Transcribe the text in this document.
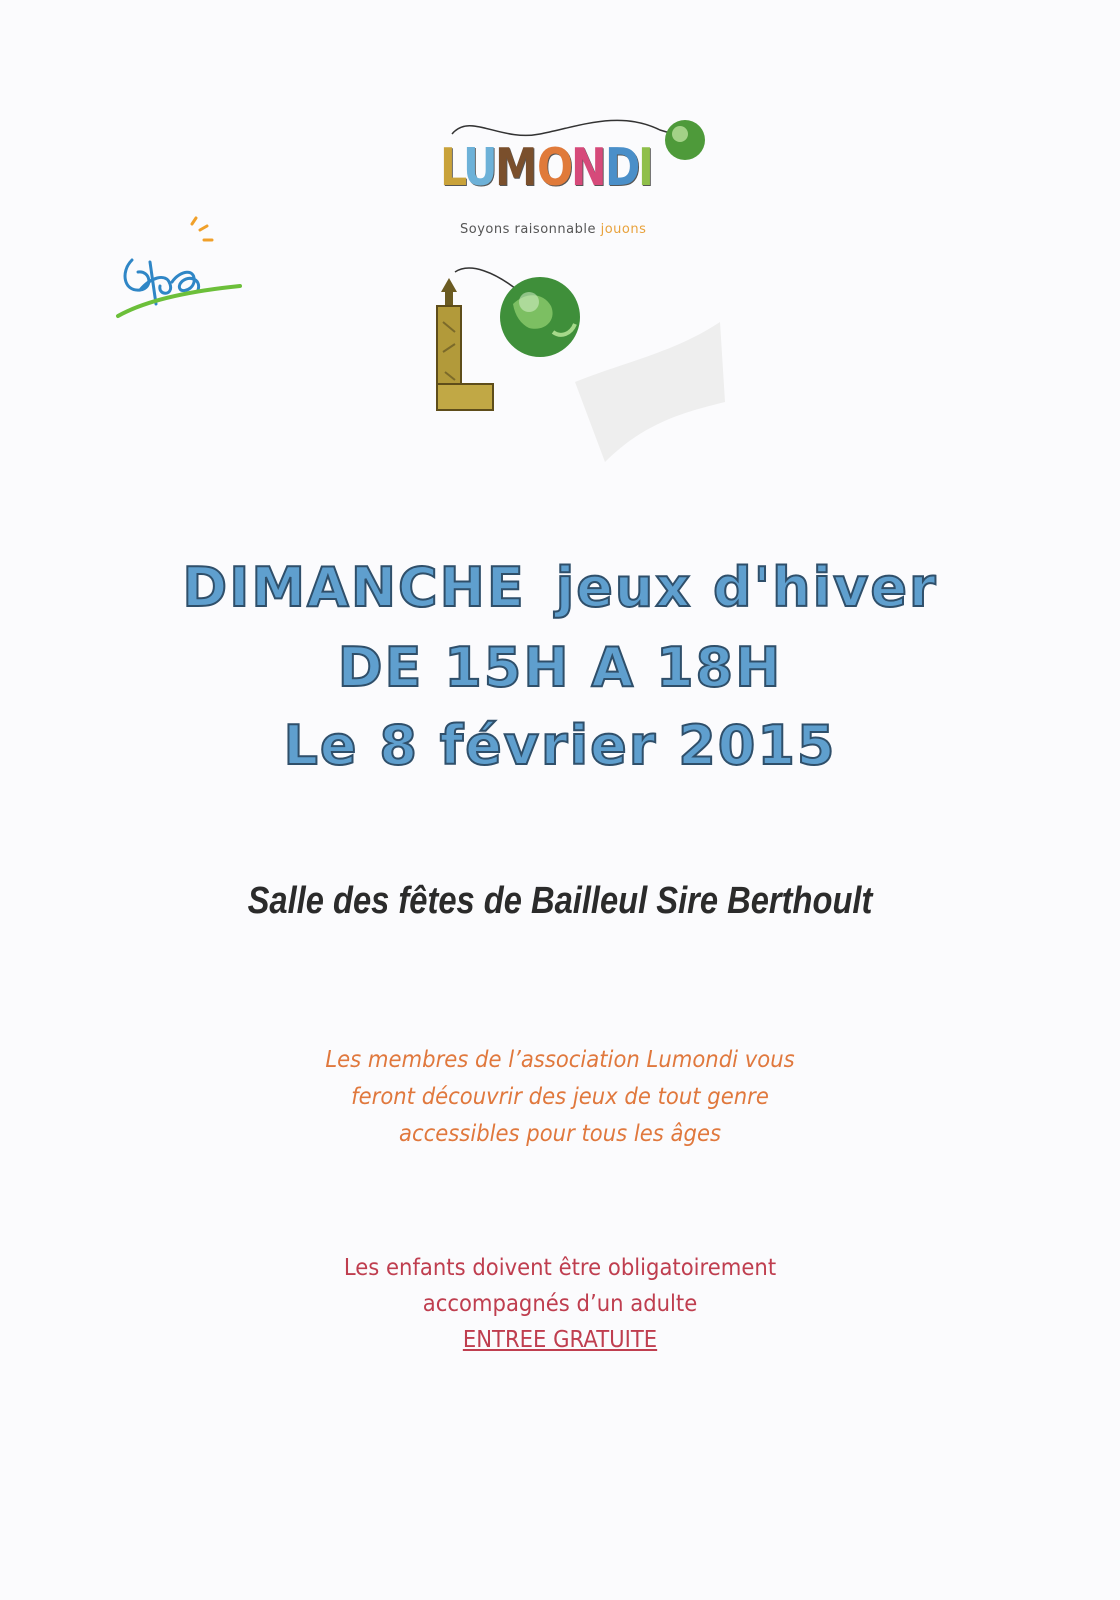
LUMONDI
Soyons raisonnable jouons
DIMANCHE jeux d'hiver
DE 15H A 18H
Le 8 février 2015
Salle des fêtes de Bailleul Sire Berthoult
Les membres de l’association Lumondi vous
feront découvrir des jeux de tout genre
accessibles pour tous les âges
Les enfants doivent être obligatoirement
accompagnés d’un adulte
ENTREE GRATUITE
